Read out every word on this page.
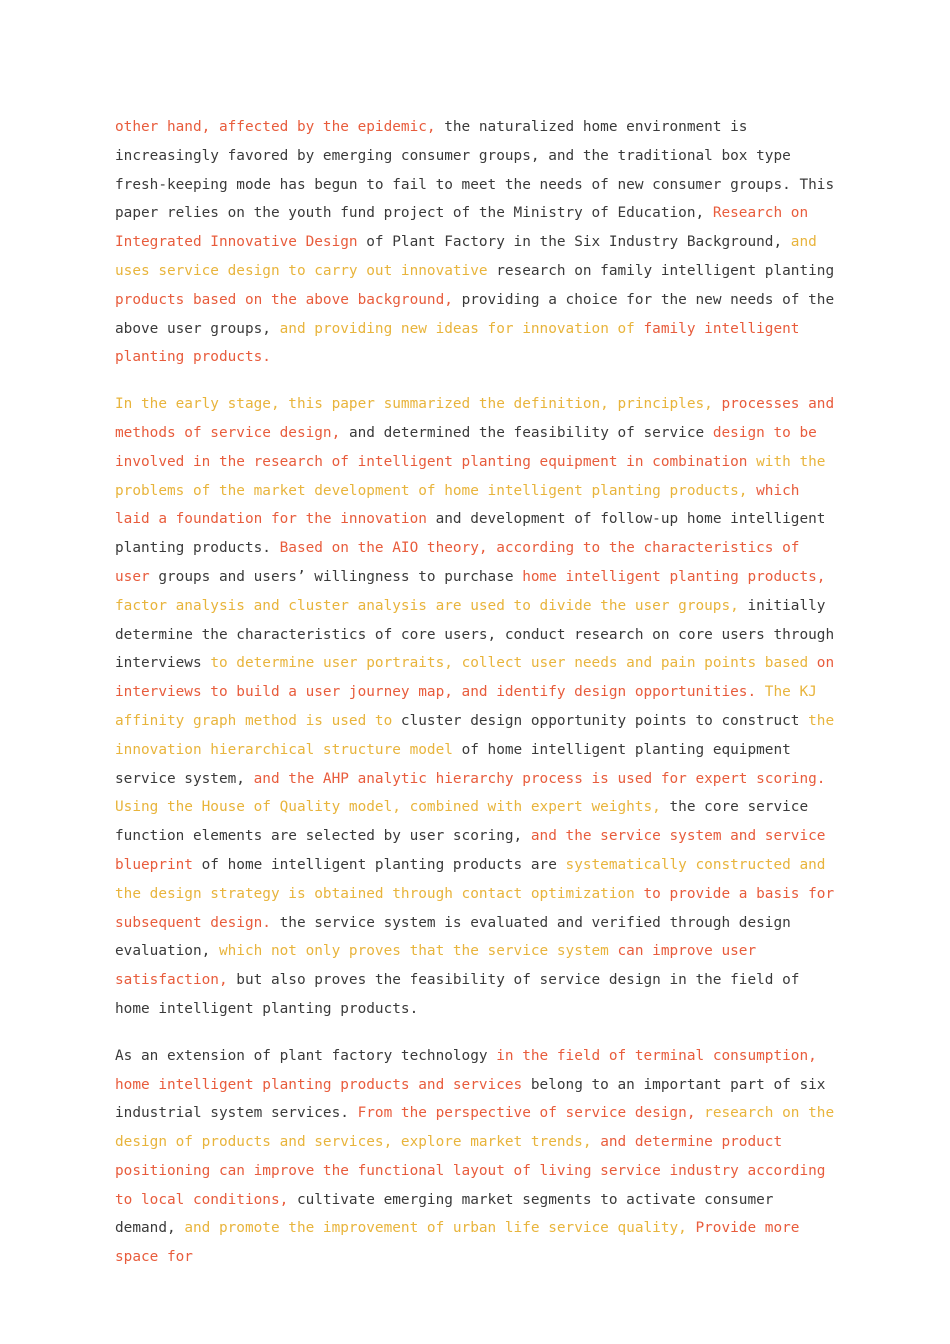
other hand, affected by the epidemic, the naturalized home environment is increasingly favored by emerging consumer groups, and the traditional box type fresh-keeping mode has begun to fail to meet the needs of new consumer groups. This paper relies on the youth fund project of the Ministry of Education, Research on Integrated Innovative Design of Plant Factory in the Six Industry Background, and uses service design to carry out innovative research on family intelligent planting products based on the above background, providing a choice for the new needs of the above user groups, and providing new ideas for innovation of family intelligent planting products.

In the early stage, this paper summarized the definition, principles, processes and methods of service design, and determined the feasibility of service design to be involved in the research of intelligent planting equipment in combination with the problems of the market development of home intelligent planting products, which laid a foundation for the innovation and development of follow-up home intelligent planting products. Based on the AIO theory, according to the characteristics of user groups and users’ willingness to purchase home intelligent planting products, factor analysis and cluster analysis are used to divide the user groups, initially determine the characteristics of core users, conduct research on core users through interviews to determine user portraits, collect user needs and pain points based on interviews to build a user journey map, and identify design opportunities. The KJ affinity graph method is used to cluster design opportunity points to construct the innovation hierarchical structure model of home intelligent planting equipment service system, and the AHP analytic hierarchy process is used for expert scoring. Using the House of Quality model, combined with expert weights, the core service function elements are selected by user scoring, and the service system and service blueprint of home intelligent planting products are systematically constructed and the design strategy is obtained through contact optimization to provide a basis for subsequent design. the service system is evaluated and verified through design evaluation, which not only proves that the service system can improve user satisfaction, but also proves the feasibility of service design in the field of home intelligent planting products.

As an extension of plant factory technology in the field of terminal consumption, home intelligent planting products and services belong to an important part of six industrial system services. From the perspective of service design, research on the design of products and services, explore market trends, and determine product positioning can improve the functional layout of living service industry according to local conditions, cultivate emerging market segments to activate consumer demand, and promote the improvement of urban life service quality, Provide more space for
